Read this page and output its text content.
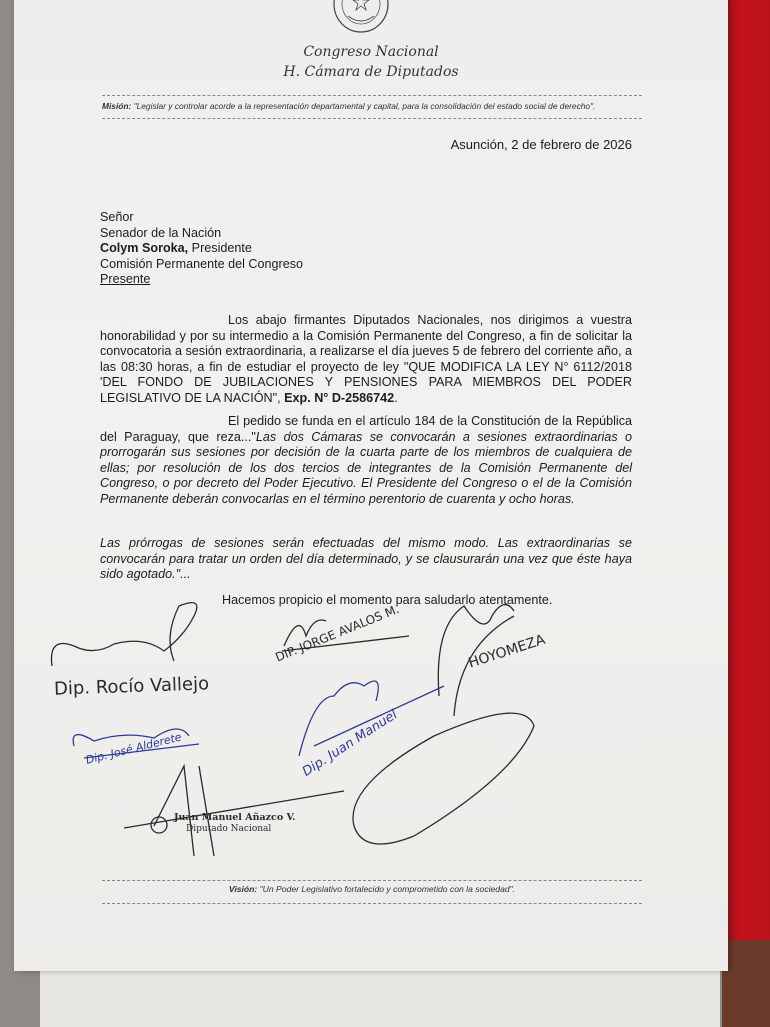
Congreso Nacional
H. Cámara de Diputados
Misión: "Legislar y controlar acorde a la representación departamental y capital, para la consolidación del estado social de derecho".
Asunción, 2 de febrero de 2026
Señor
Senador de la Nación
Colym Soroka, Presidente
Comisión Permanente del Congreso
Presente
Los abajo firmantes Diputados Nacionales, nos dirigimos a vuestra honorabilidad y por su intermedio a la Comisión Permanente del Congreso, a fin de solicitar la convocatoria a sesión extraordinaria, a realizarse el día jueves 5 de febrero del corriente año, a las 08:30 horas, a fin de estudiar el proyecto de ley "QUE MODIFICA LA LEY N° 6112/2018 'DEL FONDO DE JUBILACIONES Y PENSIONES PARA MIEMBROS DEL PODER LEGISLATIVO DE LA NACIÓN", Exp. N° D-2586742.
El pedido se funda en el artículo 184 de la Constitución de la República del Paraguay, que reza..."Las dos Cámaras se convocarán a sesiones extraordinarias o prorrogarán sus sesiones por decisión de la cuarta parte de los miembros de cualquiera de ellas; por resolución de los dos tercios de integrantes de la Comisión Permanente del Congreso, o por decreto del Poder Ejecutivo. El Presidente del Congreso o el de la Comisión Permanente deberán convocarlas en el término perentorio de cuarenta y ocho horas.
Las prórrogas de sesiones serán efectuadas del mismo modo. Las extraordinarias se convocarán para tratar un orden del día determinado, y se clausurarán una vez que éste haya sido agotado."...
Hacemos propicio el momento para saludarlo atentamente.
Dip. Rocío Vallejo
DIP. JORGE AVALOS M.	HOYOMEZA
Dip. José Alderete	Dip. Juan Manuel
Juan Manuel Añazco V.
Diputado Nacional
Visión: "Un Poder Legislativo fortalecido y comprometido con la sociedad".
